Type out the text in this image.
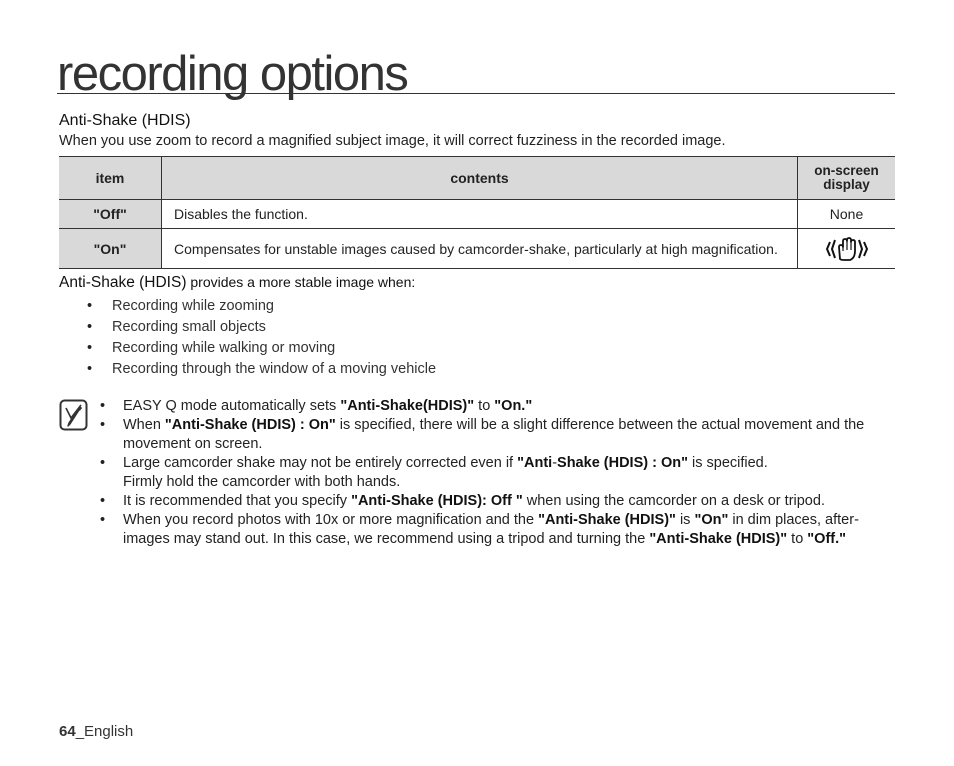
recording options
Anti-Shake (HDIS)
When you use zoom to record a magnified subject image, it will correct fuzziness in the recorded image.
item	contents	on-screen
display
"Off"	Disables the function.	None
"On"	Compensates for unstable images caused by camcorder-shake, particularly at high magnification.	
Anti-Shake (HDIS) provides a more stable image when:
• Recording while zooming
• Recording small objects
• Recording while walking or moving
• Recording through the window of a moving vehicle
• EASY Q mode automatically sets "Anti-Shake(HDIS)" to "On."
• When "Anti-Shake (HDIS) : On" is specified, there will be a slight difference between the actual movement and the movement on screen.
• Large camcorder shake may not be entirely corrected even if "Anti-Shake (HDIS) : On" is specified.
Firmly hold the camcorder with both hands.
• It is recommended that you specify "Anti-Shake (HDIS): Off " when using the camcorder on a desk or tripod.
• When you record photos with 10x or more magnification and the "Anti-Shake (HDIS)" is "On" in dim places, after-images may stand out. In this case, we recommend using a tripod and turning the "Anti-Shake (HDIS)" to "Off."
64_English
